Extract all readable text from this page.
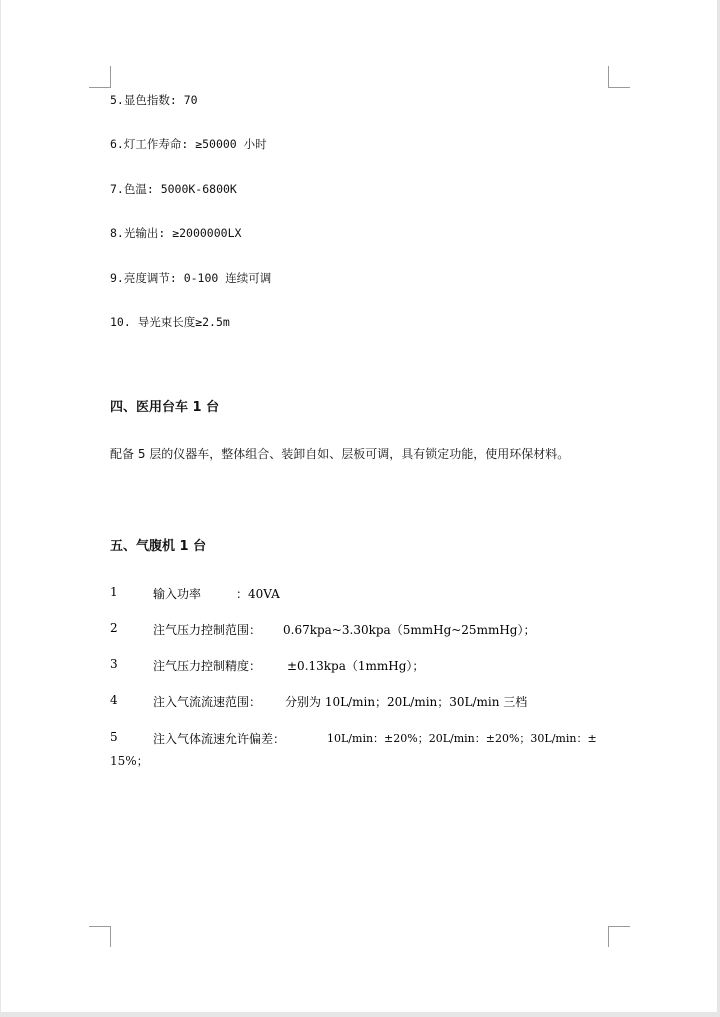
5.显色指数: 70
6.灯工作寿命: ≥50000 小时
7.色温: 5000K-6800K
8.光输出: ≥2000000LX
9.亮度调节: 0-100 连续可调
10. 导光束长度≥2.5m
四、医用台车 1 台
配备 5 层的仪器车，整体组合、装卸自如、层板可调，具有锁定功能，使用环保材料。
五、气腹机 1 台
1	输入功率	：40VA
2	注气压力控制范围： 0.67kpa~3.30kpa（5mmHg~25mmHg）；
3	注气压力控制精度： ±0.13kpa（1mmHg）；
4	注入气流流速范围： 分别为 10L/min；20L/min；30L/min 三档
5	注入气体流速允许偏差：	10L/min：±20%；20L/min：±20%；30L/min：±
15%；
